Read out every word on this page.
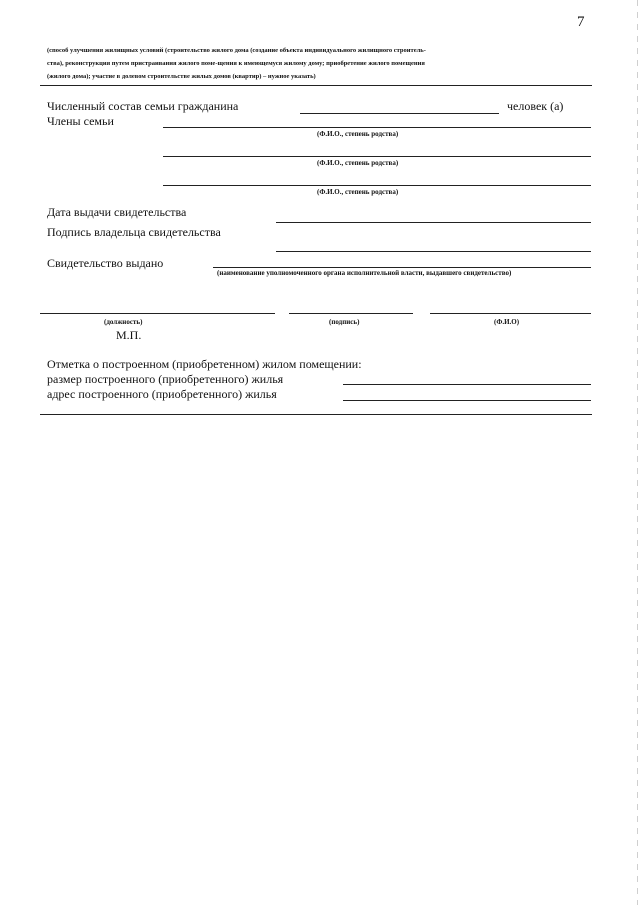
7
(способ улучшения жилищных условий (строительство жилого дома (создание объекта индивидуального жилищного строитель-
ства), реконструкция путем пристраивания жилого поме-щения к имеющемуся жилому дому; приобретение жилого помещения
(жилого дома); участие в долевом строительстве жилых домов (квартир) – нужное указать)
Численный состав семьи гражданина	человек (а)
Члены семьи
(Ф.И.О., степень родства)
(Ф.И.О., степень родства)
(Ф.И.О., степень родства)
Дата выдачи свидетельства
Подпись владельца свидетельства
Свидетельство выдано
(наименование уполномоченного органа исполнительной власти, выдавшего свидетельство)
(должность)	(подпись)	(Ф.И.О)
М.П.
Отметка о построенном (приобретенном) жилом помещении:
размер построенного (приобретенного) жилья
адрес построенного (приобретенного) жилья
